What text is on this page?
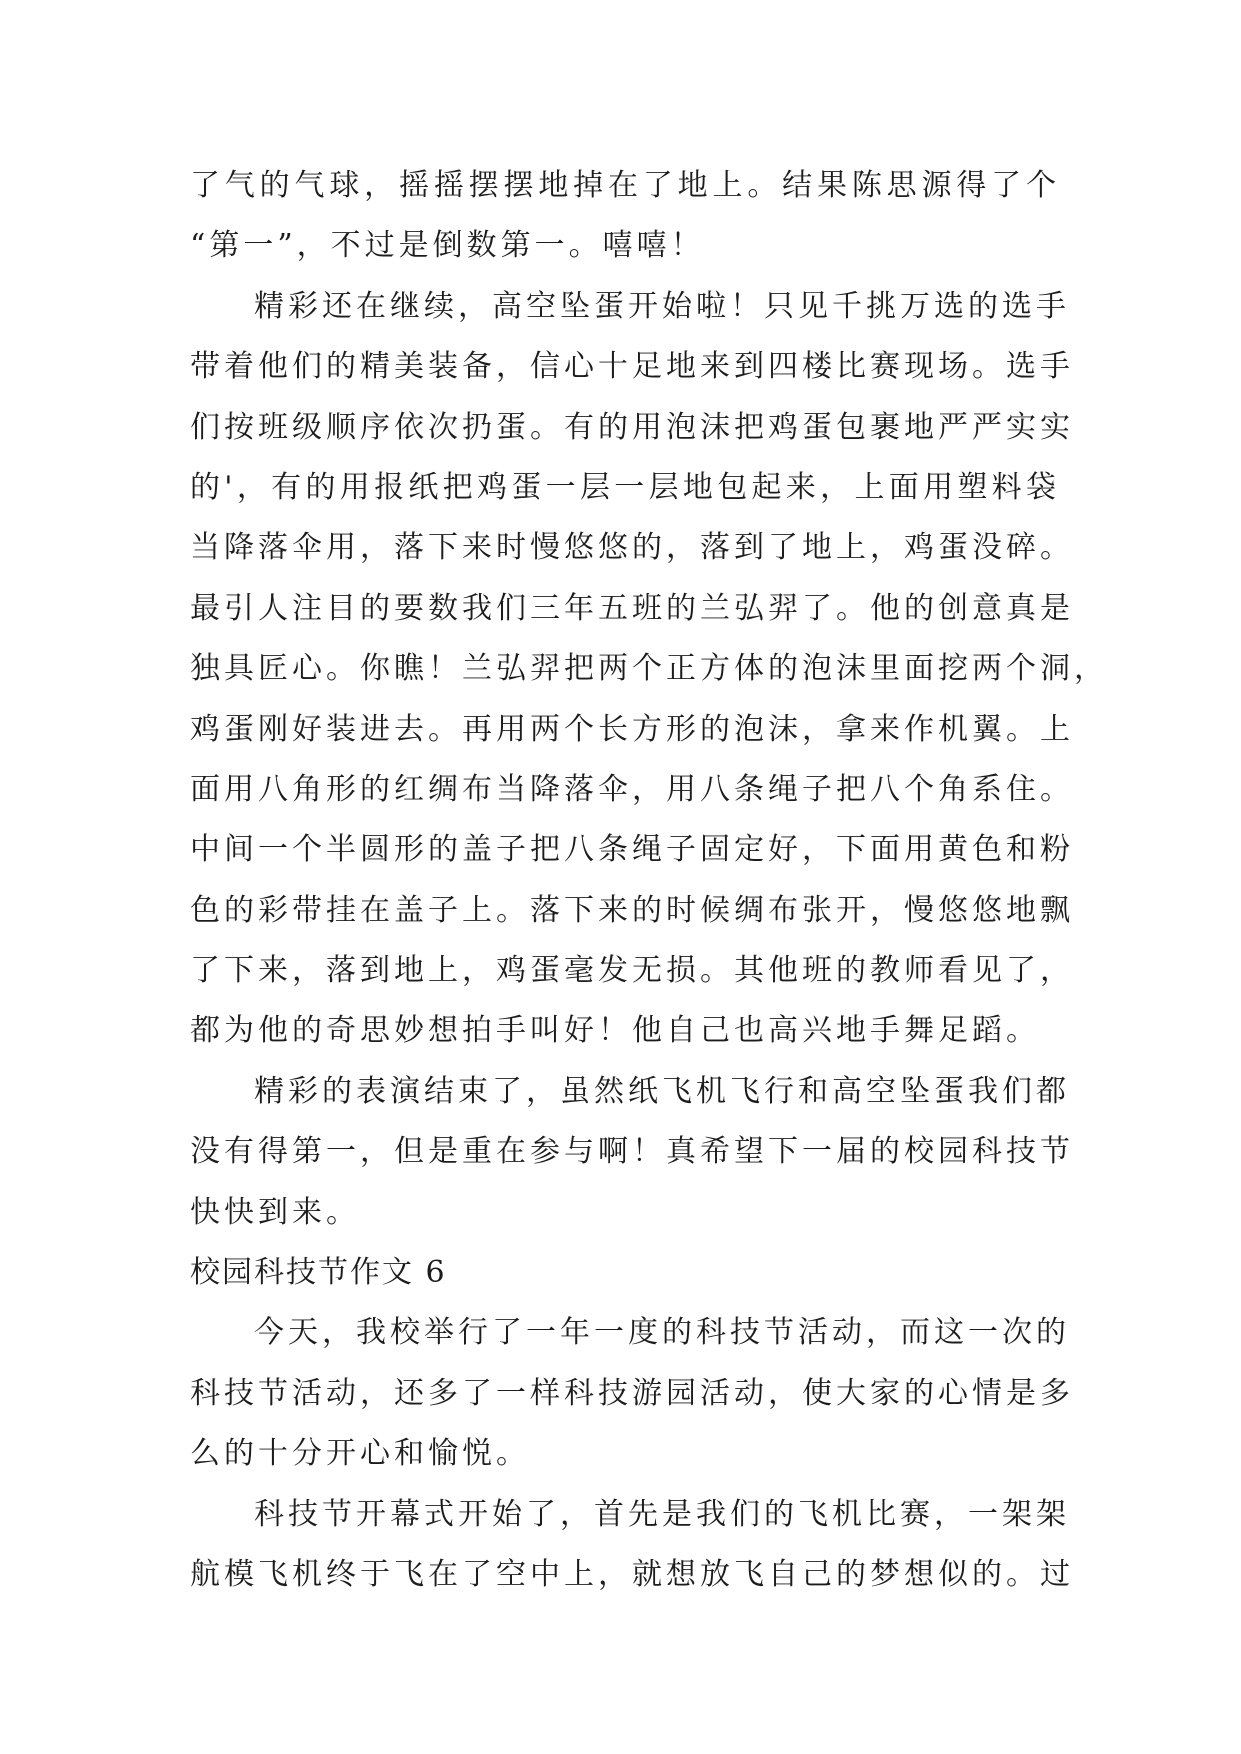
了气的气球，摇摇摆摆地掉在了地上。结果陈思源得了个
“第一”，不过是倒数第一。嘻嘻！
精彩还在继续，高空坠蛋开始啦！只见千挑万选的选手
带着他们的精美装备，信心十足地来到四楼比赛现场。选手
们按班级顺序依次扔蛋。有的用泡沫把鸡蛋包裹地严严实实
的'，有的用报纸把鸡蛋一层一层地包起来，上面用塑料袋
当降落伞用，落下来时慢悠悠的，落到了地上，鸡蛋没碎。
最引人注目的要数我们三年五班的兰弘羿了。他的创意真是
独具匠心。你瞧！兰弘羿把两个正方体的泡沫里面挖两个洞，
鸡蛋刚好装进去。再用两个长方形的泡沫，拿来作机翼。上
面用八角形的红绸布当降落伞，用八条绳子把八个角系住。
中间一个半圆形的盖子把八条绳子固定好，下面用黄色和粉
色的彩带挂在盖子上。落下来的时候绸布张开，慢悠悠地飘
了下来，落到地上，鸡蛋毫发无损。其他班的教师看见了，
都为他的奇思妙想拍手叫好！他自己也高兴地手舞足蹈。
精彩的表演结束了，虽然纸飞机飞行和高空坠蛋我们都
没有得第一，但是重在参与啊！真希望下一届的校园科技节
快快到来。
校园科技节作文 6
今天，我校举行了一年一度的科技节活动，而这一次的
科技节活动，还多了一样科技游园活动，使大家的心情是多
么的十分开心和愉悦。
科技节开幕式开始了，首先是我们的飞机比赛，一架架
航模飞机终于飞在了空中上，就想放飞自己的梦想似的。过
